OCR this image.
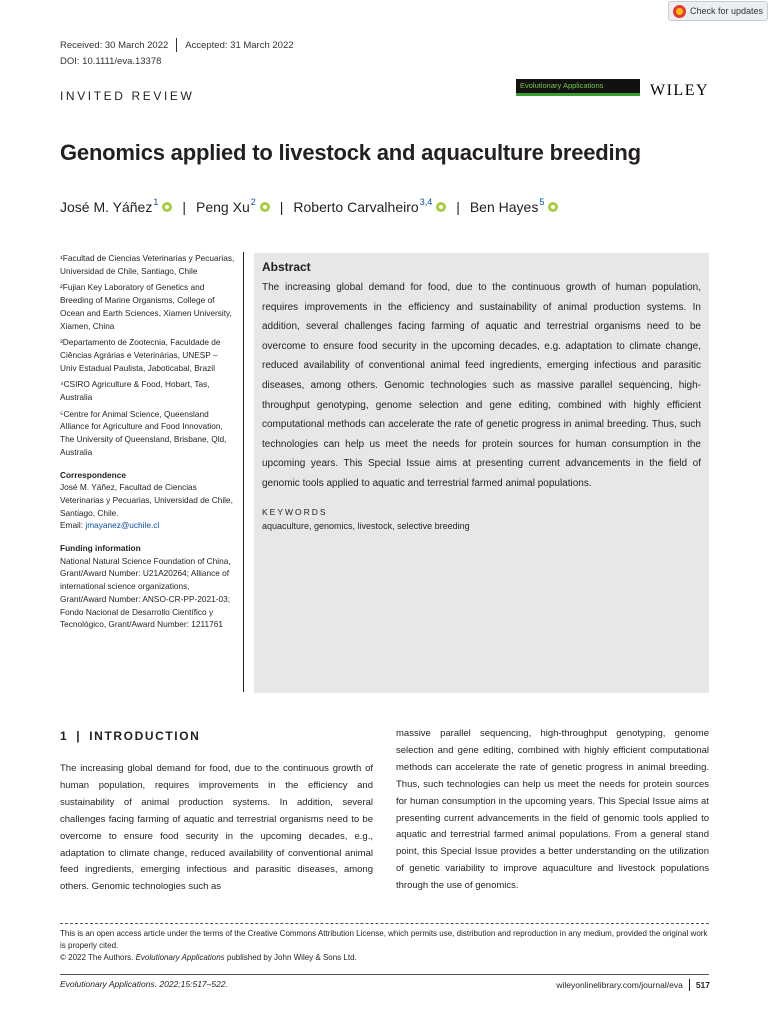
Check for updates
Received: 30 March 2022 Accepted: 31 March 2022
DOI: 10.1111/eva.13378
Evolutionary Applications	WILEY
INVITED REVIEW
Genomics applied to livestock and aquaculture breeding
José M. Yáñez$^1$ | Peng Xu$^2$ | Roberto Carvalheiro$^{3,4}$ | Ben Hayes$^5$
¹Facultad de Ciencias Veterinarias y Pecuarias, Universidad de Chile, Santiago, Chile
²Fujian Key Laboratory of Genetics and Breeding of Marine Organisms, College of Ocean and Earth Sciences, Xiamen University, Xiamen, China
³Departamento de Zootecnia, Faculdade de Ciências Agrárias e Veterinárias, UNESP – Univ Estadual Paulista, Jaboticabal, Brazil
⁴CSIRO Agriculture & Food, Hobart, Tas, Australia
⁵Centre for Animal Science, Queensland Alliance for Agriculture and Food Innovation, The University of Queensland, Brisbane, Qld, Australia
Correspondence
José M. Yáñez, Facultad de Ciencias Veterinarias y Pecuarias, Universidad de Chile, Santiago, Chile.
Email: jmayanez@uchile.cl
Funding information
National Natural Science Foundation of China, Grant/Award Number: U21A20264; Alliance of international science organizations, Grant/Award Number: ANSO-CR-PP-2021-03; Fondo Nacional de Desarrollo Científico y Tecnológico, Grant/Award Number: 1211761
Abstract

The increasing global demand for food, due to the continuous growth of human population, requires improvements in the efficiency and sustainability of animal production systems. In addition, several challenges facing farming of aquatic and terrestrial organisms need to be overcome to ensure food security in the upcoming decades, e.g. adaptation to climate change, reduced availability of conventional animal feed ingredients, emerging infectious and parasitic diseases, among others. Genomic technologies such as massive parallel sequencing, high-throughput genotyping, genome selection and gene editing, combined with highly efficient computational methods can accelerate the rate of genetic progress in animal breeding. Thus, such technologies can help us meet the needs for protein sources for human consumption in the upcoming years. This Special Issue aims at presenting current advancements in the field of genomic tools applied to aquatic and terrestrial farmed animal populations.

KEYWORDS
aquaculture, genomics, livestock, selective breeding
1 | INTRODUCTION

The increasing global demand for food, due to the continuous growth of human population, requires improvements in the efficiency and sustainability of animal production systems. In addition, several challenges facing farming of aquatic and terrestrial organisms need to be overcome to ensure food security in the upcoming decades, e.g., adaptation to climate change, reduced availability of conventional animal feed ingredients, emerging infectious and parasitic diseases, among others. Genomic technologies such as

massive parallel sequencing, high-throughput genotyping, genome selection and gene editing, combined with highly efficient computational methods can accelerate the rate of genetic progress in animal breeding. Thus, such technologies can help us meet the needs for protein sources for human consumption in the upcoming years. This Special Issue aims at presenting current advancements in the field of genomic tools applied to aquatic and terrestrial farmed animal populations. From a general stand point, this Special Issue provides a better understanding on the utilization of genetic variability to improve aquaculture and livestock populations through the use of genomics.

This is an open access article under the terms of the Creative Commons Attribution License, which permits use, distribution and reproduction in any medium, provided the original work is properly cited.
© 2022 The Authors. Evolutionary Applications published by John Wiley & Sons Ltd.
Evolutionary Applications. 2022;15:517–522.	wileyonlinelibrary.com/journal/eva 517
